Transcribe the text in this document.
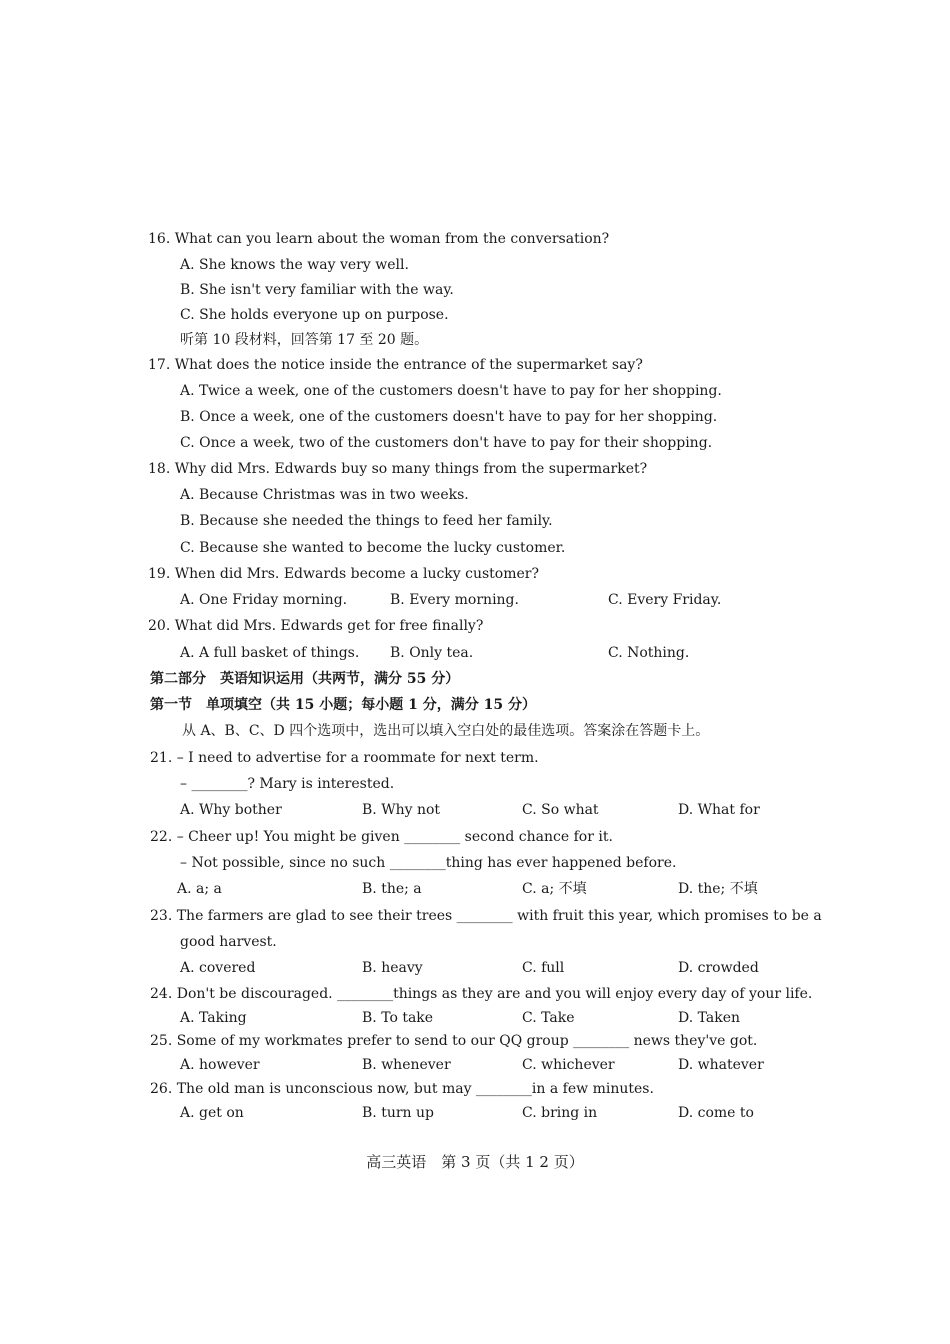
16. What can you learn about the woman from the conversation?
A. She knows the way very well.
B. She isn't very familiar with the way.
C. She holds everyone up on purpose.
听第 10 段材料，回答第 17 至 20 题。
17. What does the notice inside the entrance of the supermarket say?
A. Twice a week, one of the customers doesn't have to pay for her shopping.
B. Once a week, one of the customers doesn't have to pay for her shopping.
C. Once a week, two of the customers don't have to pay for their shopping.
18. Why did Mrs. Edwards buy so many things from the supermarket?
A. Because Christmas was in two weeks.
B. Because she needed the things to feed her family.
C. Because she wanted to become the lucky customer.
19. When did Mrs. Edwards become a lucky customer?
A. One Friday morning.	B. Every morning.	C. Every Friday.
20. What did Mrs. Edwards get for free finally?
A. A full basket of things. B. Only tea.	C. Nothing.
第二部分　英语知识运用（共两节，满分 55 分）
第一节　单项填空（共 15 小题；每小题 1 分，满分 15 分）
从 A、B、C、D 四个选项中，选出可以填入空白处的最佳选项。答案涂在答题卡上。
21. – I need to advertise for a roommate for next term.
– ________? Mary is interested.
A. Why bother	B. Why not	C. So what	D. What for
22. – Cheer up! You might be given ________ second chance for it.
– Not possible, since no such ________thing has ever happened before.
A. a; a	B. the; a	C. a; 不填	D. the; 不填
23. The farmers are glad to see their trees ________ with fruit this year, which promises to be a
good harvest.
A. covered	B. heavy	C. full	D. crowded
24. Don't be discouraged. ________things as they are and you will enjoy every day of your life.
A. Taking	B. To take	C. Take	D. Taken
25. Some of my workmates prefer to send to our QQ group ________ news they've got.
A. however	B. whenever	C. whichever	D. whatever
26. The old man is unconscious now, but may ________in a few minutes.
A. get on	B. turn up	C. bring in	D. come to
高三英语　第 3 页（共 1 2 页）
